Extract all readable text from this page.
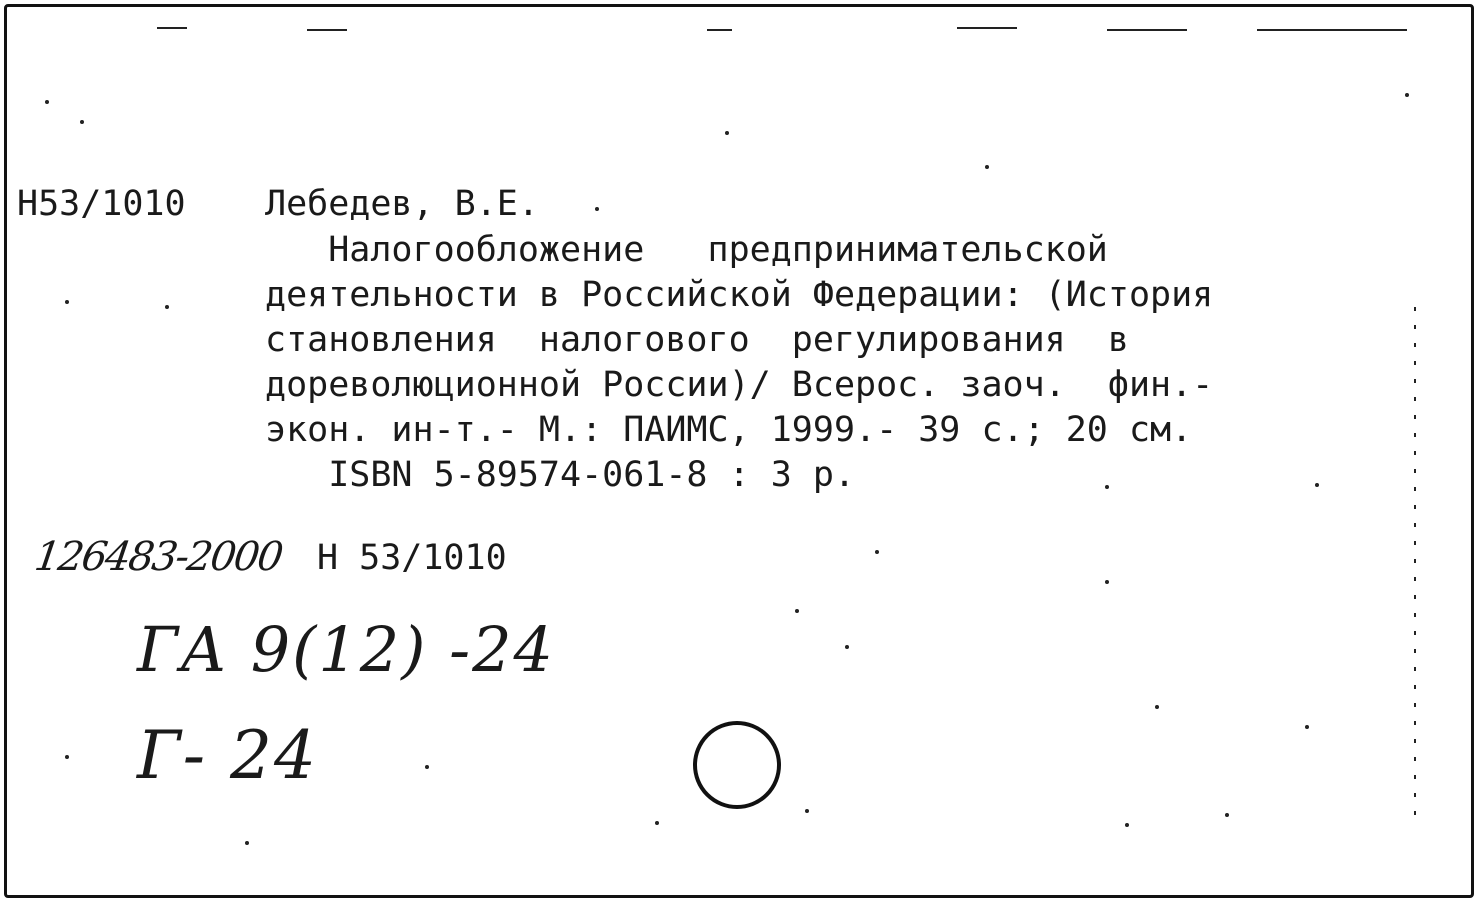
Н53/1010 Лебедев, В.Е.
Налогообложение   предпринимательской
деятельности в Российской Федерации: (История
становления  налогового  регулирования  в
дореволюционной России)/ Всерос. заоч.  фин.-
экон. ин-т.- М.: ПАИМС, 1999.- 39 с.; 20 см.
ISBN 5-89574-061-8 : 3 р.
126483-2000 Н 53/1010
ГА 9(12) -24
Г- 24
